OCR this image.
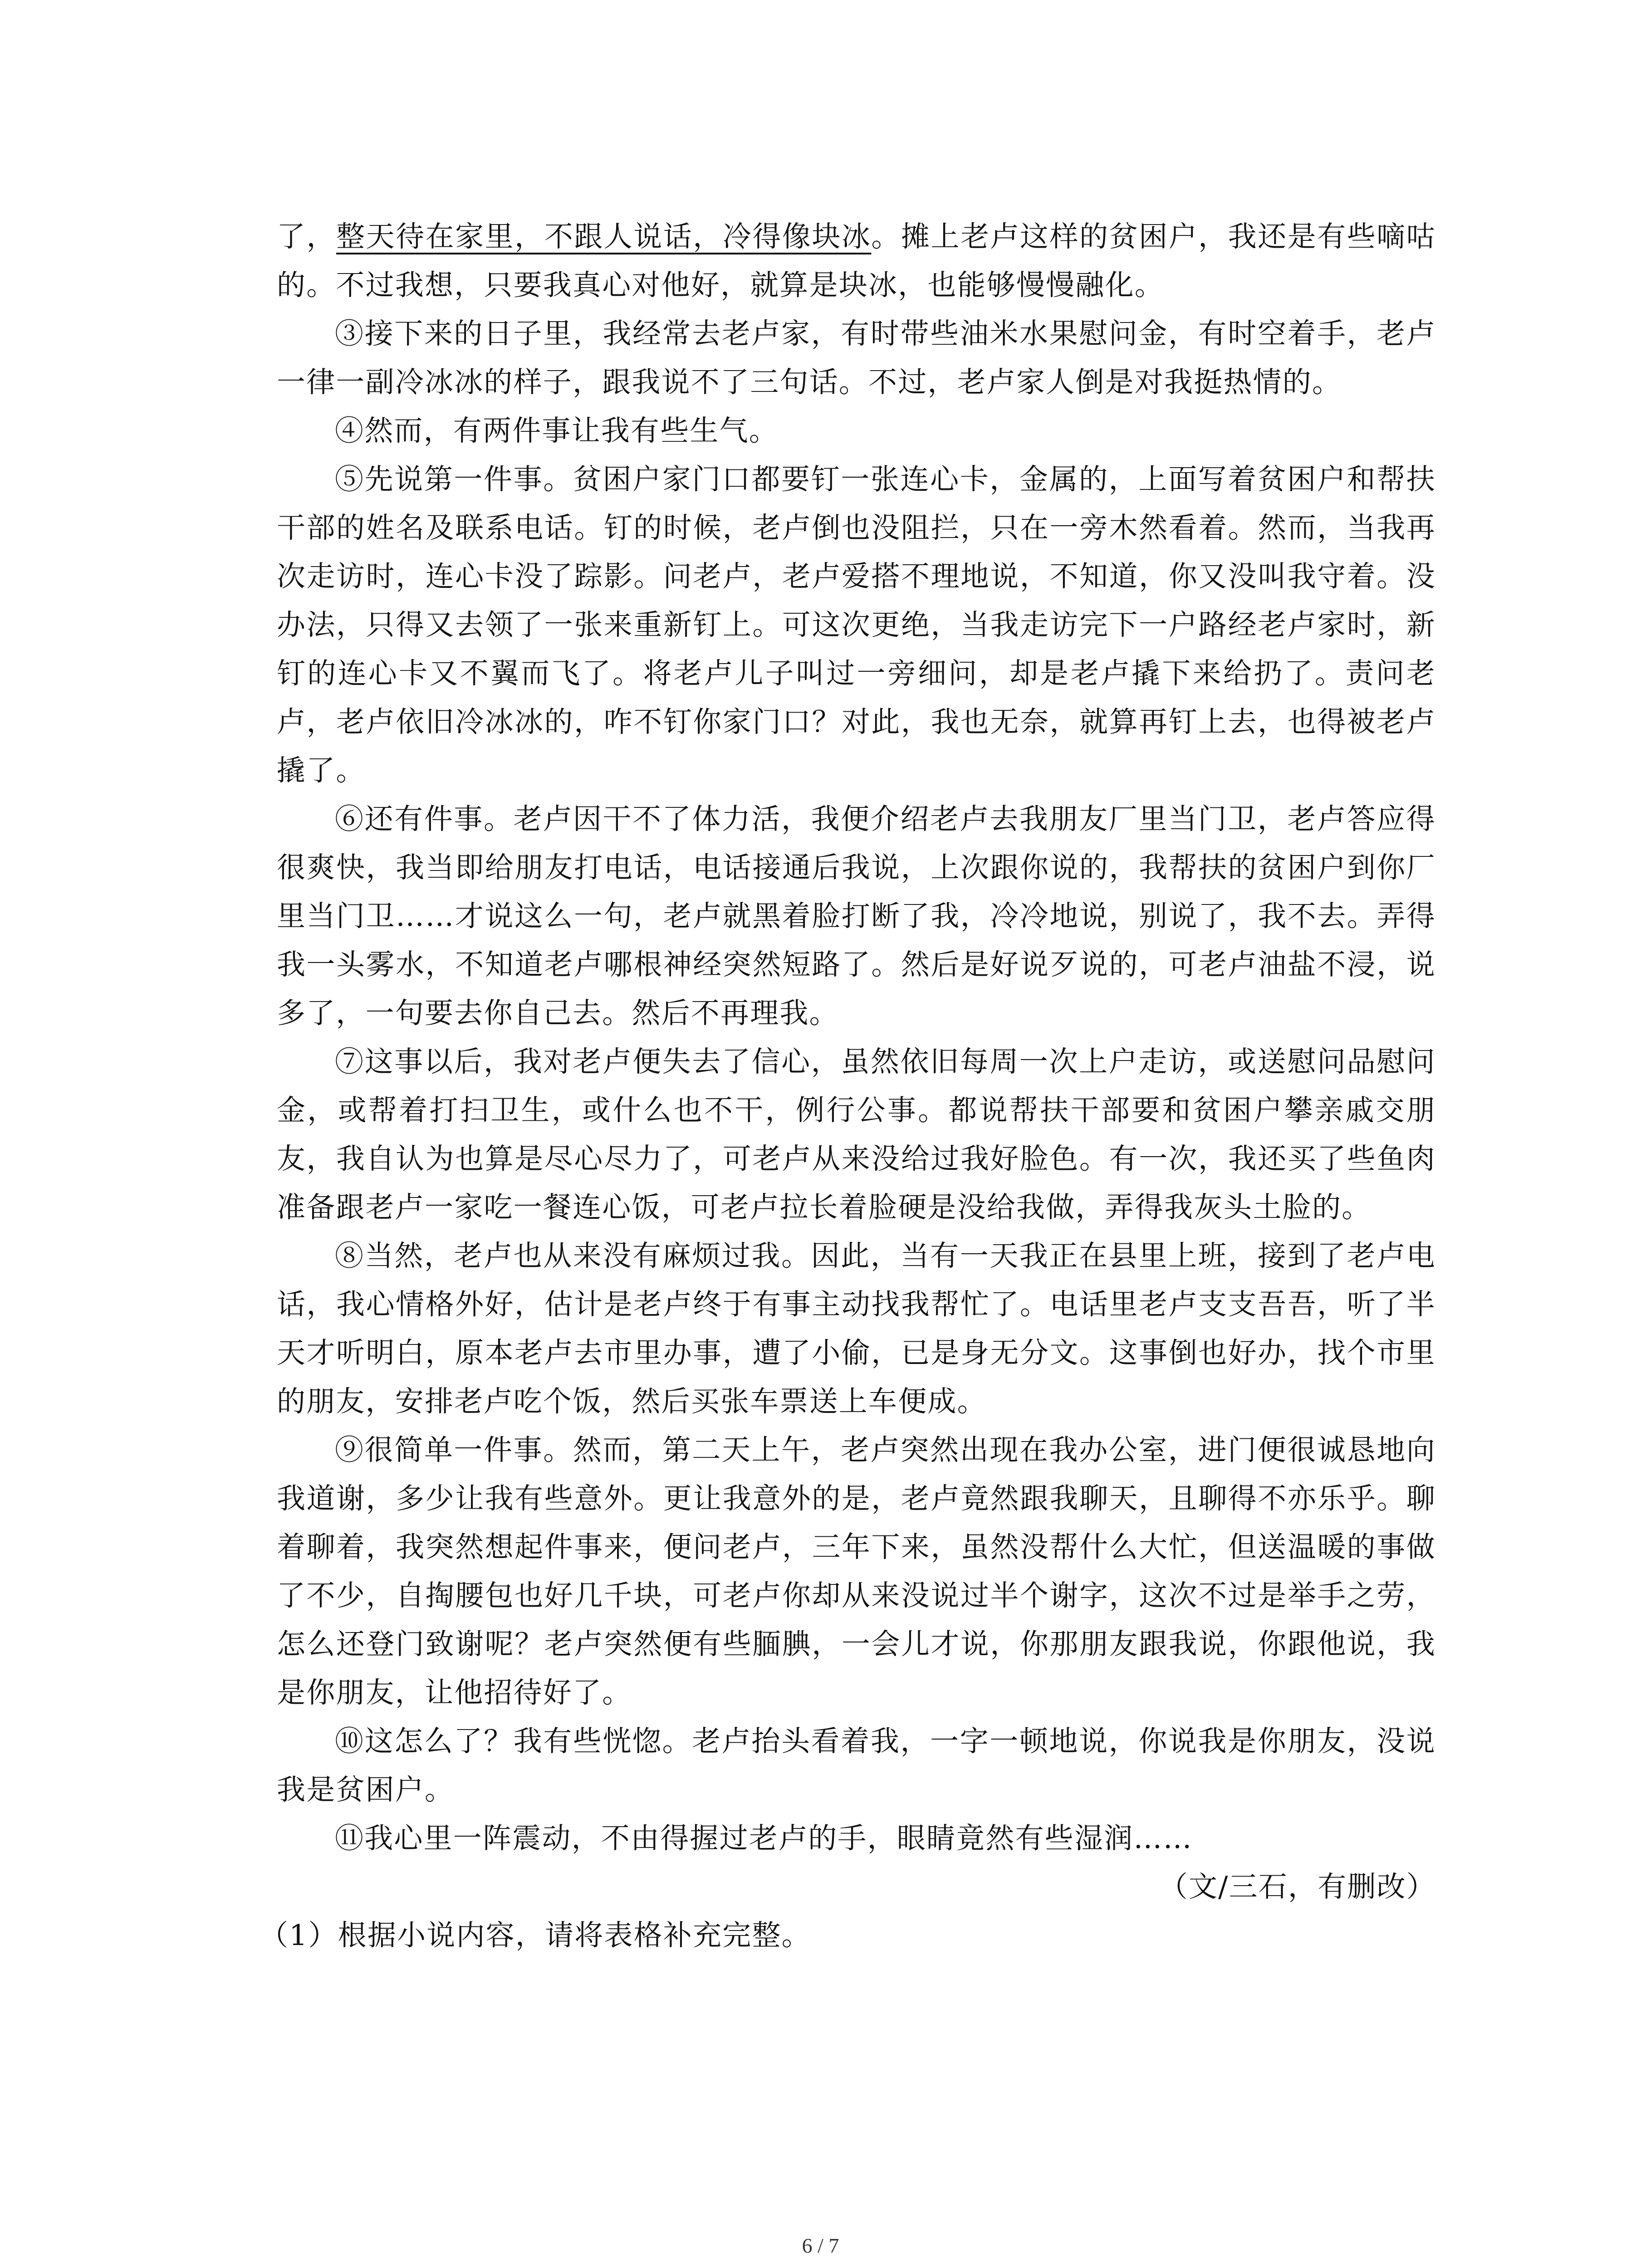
了，整天待在家里，不跟人说话，冷得像块冰。摊上老卢这样的贫困户，我还是有些嘀咕的。不过我想，只要我真心对他好，就算是块冰，也能够慢慢融化。

③接下来的日子里，我经常去老卢家，有时带些油米水果慰问金，有时空着手，老卢一律一副冷冰冰的样子，跟我说不了三句话。不过，老卢家人倒是对我挺热情的。

④然而，有两件事让我有些生气。

⑤先说第一件事。贫困户家门口都要钉一张连心卡，金属的，上面写着贫困户和帮扶干部的姓名及联系电话。钉的时候，老卢倒也没阻拦，只在一旁木然看着。然而，当我再次走访时，连心卡没了踪影。问老卢，老卢爱搭不理地说，不知道，你又没叫我守着。没办法，只得又去领了一张来重新钉上。可这次更绝，当我走访完下一户路经老卢家时，新钉的连心卡又不翼而飞了。将老卢儿子叫过一旁细问，却是老卢撬下来给扔了。责问老卢，老卢依旧冷冰冰的，咋不钉你家门口？对此，我也无奈，就算再钉上去，也得被老卢撬了。

⑥还有件事。老卢因干不了体力活，我便介绍老卢去我朋友厂里当门卫，老卢答应得很爽快，我当即给朋友打电话，电话接通后我说，上次跟你说的，我帮扶的贫困户到你厂里当门卫……才说这么一句，老卢就黑着脸打断了我，冷冷地说，别说了，我不去。弄得我一头雾水，不知道老卢哪根神经突然短路了。然后是好说歹说的，可老卢油盐不浸，说多了，一句要去你自己去。然后不再理我。

⑦这事以后，我对老卢便失去了信心，虽然依旧每周一次上户走访，或送慰问品慰问金，或帮着打扫卫生，或什么也不干，例行公事。都说帮扶干部要和贫困户攀亲戚交朋友，我自认为也算是尽心尽力了，可老卢从来没给过我好脸色。有一次，我还买了些鱼肉准备跟老卢一家吃一餐连心饭，可老卢拉长着脸硬是没给我做，弄得我灰头土脸的。

⑧当然，老卢也从来没有麻烦过我。因此，当有一天我正在县里上班，接到了老卢电话，我心情格外好，估计是老卢终于有事主动找我帮忙了。电话里老卢支支吾吾，听了半天才听明白，原本老卢去市里办事，遭了小偷，已是身无分文。这事倒也好办，找个市里的朋友，安排老卢吃个饭，然后买张车票送上车便成。

⑨很简单一件事。然而，第二天上午，老卢突然出现在我办公室，进门便很诚恳地向我道谢，多少让我有些意外。更让我意外的是，老卢竟然跟我聊天，且聊得不亦乐乎。聊着聊着，我突然想起件事来，便问老卢，三年下来，虽然没帮什么大忙，但送温暖的事做了不少，自掏腰包也好几千块，可老卢你却从来没说过半个谢字，这次不过是举手之劳，怎么还登门致谢呢？老卢突然便有些腼腆，一会儿才说，你那朋友跟我说，你跟他说，我是你朋友，让他招待好了。

⑩这怎么了？我有些恍惚。老卢抬头看着我，一字一顿地说，你说我是你朋友，没说我是贫困户。

⑪我心里一阵震动，不由得握过老卢的手，眼睛竟然有些湿润……

（文/三石，有删改）

（1）根据小说内容，请将表格补充完整。

6 / 7
